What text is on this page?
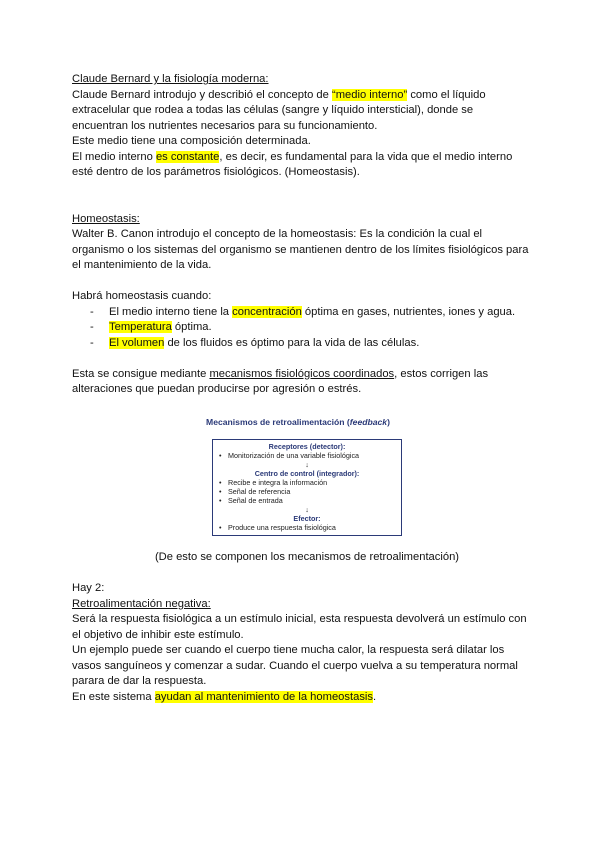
Claude Bernard y la fisiología moderna:

Claude Bernard introdujo y describió el concepto de “medio interno” como el líquido extracelular que rodea a todas las células (sangre y líquido intersticial), donde se encuentran los nutrientes necesarios para su funcionamiento.

Este medio tiene una composición determinada.

El medio interno es constante, es decir, es fundamental para la vida que el medio interno esté dentro de los parámetros fisiológicos. (Homeostasis).

Homeostasis:

Walter B. Canon introdujo el concepto de la homeostasis: Es la condición la cual el organismo o los sistemas del organismo se mantienen dentro de los límites fisiológicos para el mantenimiento de la vida.

Habrá homeostasis cuando:

- El medio interno tiene la concentración óptima en gases, nutrientes, iones y agua.
- Temperatura óptima.
- El volumen de los fluidos es óptimo para la vida de las células.

Esta se consigue mediante mecanismos fisiológicos coordinados, estos corrigen las alteraciones que puedan producirse por agresión o estrés.

Mecanismos de retroalimentación (feedback)
Receptores (detector):
• Monitorización de una variable fisiológica
↓
Centro de control (integrador):
• Recibe e integra la información
• Señal de referencia
• Señal de entrada
↓
Efector:
• Produce una respuesta fisiológica

(De esto se componen los mecanismos de retroalimentación)

Hay 2:

Retroalimentación negativa:

Será la respuesta fisiológica a un estímulo inicial, esta respuesta devolverá un estímulo con el objetivo de inhibir este estímulo.

Un ejemplo puede ser cuando el cuerpo tiene mucha calor, la respuesta será dilatar los vasos sanguíneos y comenzar a sudar. Cuando el cuerpo vuelva a su temperatura normal parara de dar la respuesta.

En este sistema ayudan al mantenimiento de la homeostasis.
